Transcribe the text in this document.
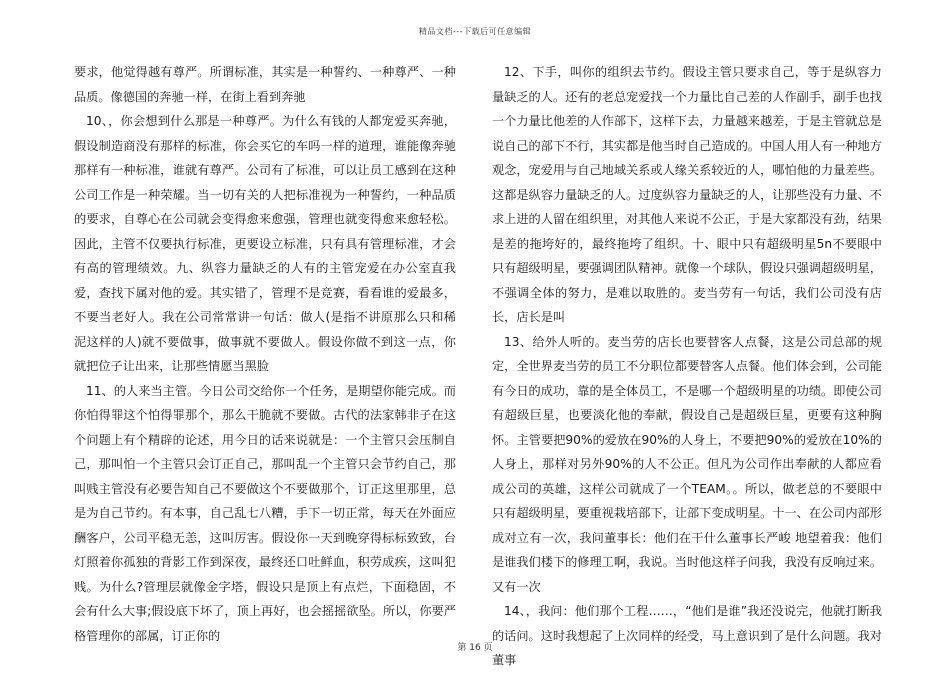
精品文档---下载后可任意编辑

要求，他觉得越有尊严。所谓标准，其实是一种誓约、一种尊严、一种品质。像德国的奔驰一样，在街上看到奔驰

10、，你会想到什么那是一种尊严。为什么有钱的人都宠爱买奔驰，假设制造商没有那样的标准，你会买它的车吗一样的道理，谁能像奔驰那样有一种标准，谁就有尊严。公司有了标准，可以让员工感到在这种公司工作是一种荣耀。当一切有关的人把标准视为一种誓约，一种品质的要求，自尊心在公司就会变得愈来愈强，管理也就变得愈来愈轻松。因此，主管不仅要执行标准，更要设立标准，只有具有管理标准，才会有高的管理绩效。九、纵容力量缺乏的人有的主管宠爱在办公室直我爱，查找下属对他的爱。其实错了，管理不是竞赛，看看谁的爱最多，不要当老好人。我在公司常常讲一句话：做人(是指不讲原那么只和稀泥这样的人)就不要做事，做事就不要做人。假设你做不到这一点，你就把位子让出来，让那些情愿当黑脸

11、的人来当主管。今日公司交给你一个任务，是期望你能完成。而你怕得罪这个怕得罪那个，那么干脆就不要做。古代的法家韩非子在这个问题上有个精辟的论述，用今日的话来说就是：一个主管只会压制自己，那叫怕一个主管只会订正自己，那叫乱一个主管只会节约自己，那叫贱主管没有必要告知自己不要做这个不要做那个，订正这里那里，总是为自己节约。有本事，自己乱七八糟，手下一切正常，每天在外面应酬客户，公司平稳无恙，这叫厉害。假设你一天到晚穿得标标致致，台灯照着你孤独的背影工作到深夜，最终还口吐鲜血，积劳成疾，这叫犯贱。为什么?管理层就像金字塔，假设只是顶上有点烂，下面稳固，不会有什么大事;假设底下坏了，顶上再好，也会摇摇欲坠。所以，你要严格管理你的部属，订正你的

12、下手，叫你的组织去节约。假设主管只要求自己，等于是纵容力量缺乏的人。还有的老总宠爱找一个力量比自己差的人作副手，副手也找一个力量比他差的人作部下，这样下去，力量越来越差，于是主管就总是说自己的部下不行，其实都是他当时自己造成的。中国人用人有一种地方观念，宠爱用与自己地域关系或人缘关系较近的人，哪怕他的力量差些。这都是纵容力量缺乏的人。过度纵容力量缺乏的人，让那些没有力量、不求上进的人留在组织里，对其他人来说不公正，于是大家都没有劲，结果是差的拖垮好的，最终拖垮了组织。十、眼中只有超级明星5n不要眼中只有超级明星，要强调团队精神。就像一个球队，假设只强调超级明星，不强调全体的努力，是难以取胜的。麦当劳有一句话，我们公司没有店长，店长是叫

13、给外人听的。麦当劳的店长也要替客人点餐，这是公司总部的规定，全世界麦当劳的员工不分职位都要替客人点餐。他们体会到，公司能有今日的成功，靠的是全体员工，不是哪一个超级明星的功绩。即使公司有超级巨星，也要淡化他的奉献，假设自己是超级巨星，更要有这种胸怀。主管要把90%的爱放在90%的人身上，不要把90%的爱放在10%的人身上，那样对另外90%的人不公正。但凡为公司作出奉献的人都应看成公司的英雄，这样公司就成了一个TEAM。。所以，做老总的不要眼中只有超级明星，要重视栽培部下，让部下变成明星。十一、在公司内部形成对立有一次，我问董事长：他们在干什么董事长严峻 地望着我：他们是谁我们楼下的修理工啊，我说。当时他这样子问我，我没有反响过来。又有一次

14、，我问：他们那个工程……，“他们是谁”我还没说完，他就打断我的话问。这时我想起了上次同样的经受，马上意识到了是什么问题。我对董事

第 16 页
